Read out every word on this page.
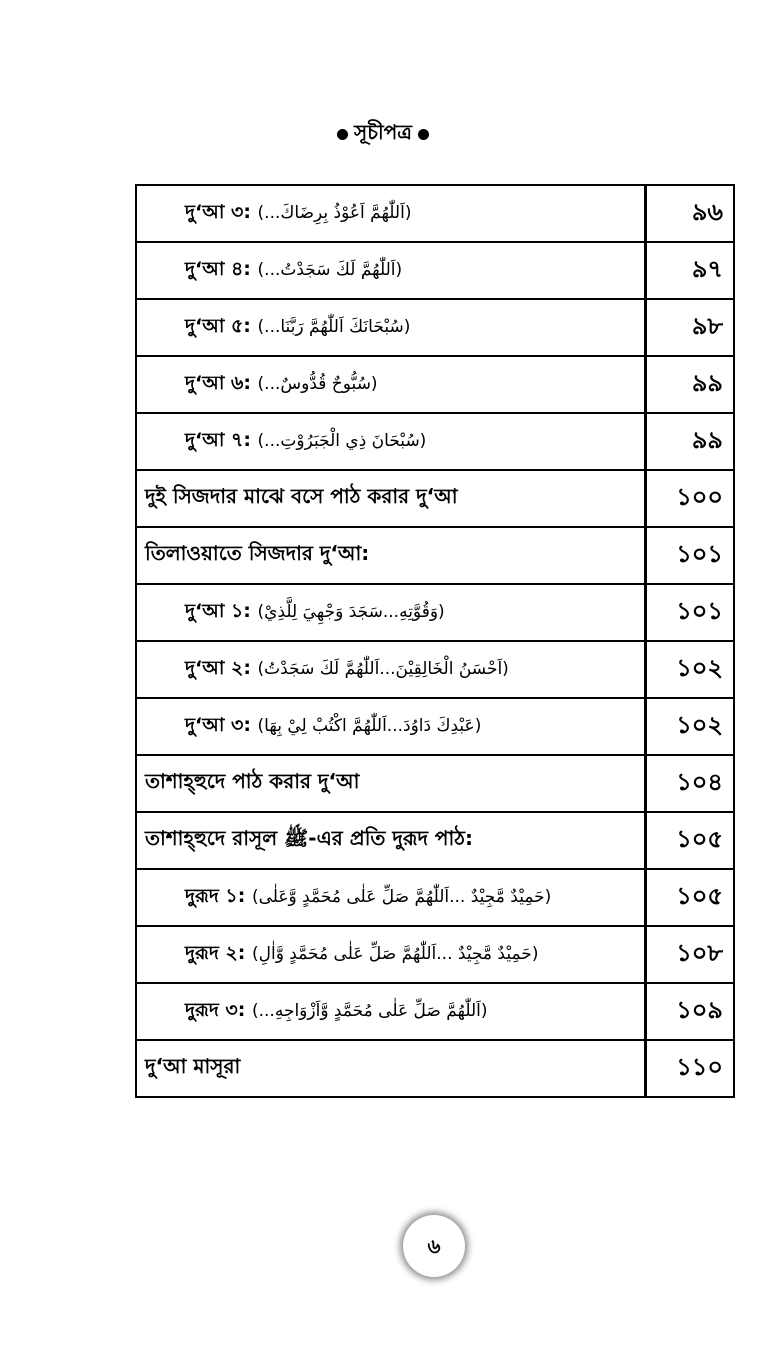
সূচীপত্র
দু‘আ ৩: (اَللّٰهُمَّ اَعُوْذُ بِرِضَاكَ...)	৯৬
দু‘আ ৪: (اَللّٰهُمَّ لَكَ سَجَدْتُ...)	৯৭
দু‘আ ৫: (سُبْحَانَكَ اَللّٰهُمَّ رَبَّنَا...)	৯৮
দু‘আ ৬: (سُبُّوحٌ قُدُّوسٌ...)	৯৯
দু‘আ ৭: (سُبْحَانَ ذِي الْجَبَرُوْتِ...)	৯৯
দুই সিজদার মাঝে বসে পাঠ করার দু‘আ	১০০
তিলাওয়াতে সিজদার দু‘আ:	১০১
দু‘আ ১: (وَقُوَّتِهِ...سَجَدَ وَجْهِيَ لِلَّذِيْ)	১০১
দু‘আ ২: (اَحْسَنُ الْخَالِقِيْنَ...اَللّٰهُمَّ لَكَ سَجَدْتُ)	১০২
দু‘আ ৩: (عَبْدِكَ دَاوُدَ...اَللّٰهُمَّ اكْتُبْ لِيْ بِهَا)	১০২
তাশাহ্হুদে পাঠ করার দু‘আ	১০৪
তাশাহ্হুদে রাসূল ﷺ-এর প্রতি দুরূদ পাঠ:	১০৫
দুরূদ ১: (حَمِيْدٌ مَّجِيْدٌ ...اَللّٰهُمَّ صَلِّ عَلٰى مُحَمَّدٍ وَّعَلٰى)	১০৫
দুরূদ ২: (حَمِيْدٌ مَّجِيْدٌ ...اَللّٰهُمَّ صَلِّ عَلٰى مُحَمَّدٍ وَّاٰلِ)	১০৮
দুরূদ ৩: (اَللّٰهُمَّ صَلِّ عَلٰى مُحَمَّدٍ وَّاَزْوَاجِهِ...)	১০৯
দু‘আ মাসূরা	১১০
৬
